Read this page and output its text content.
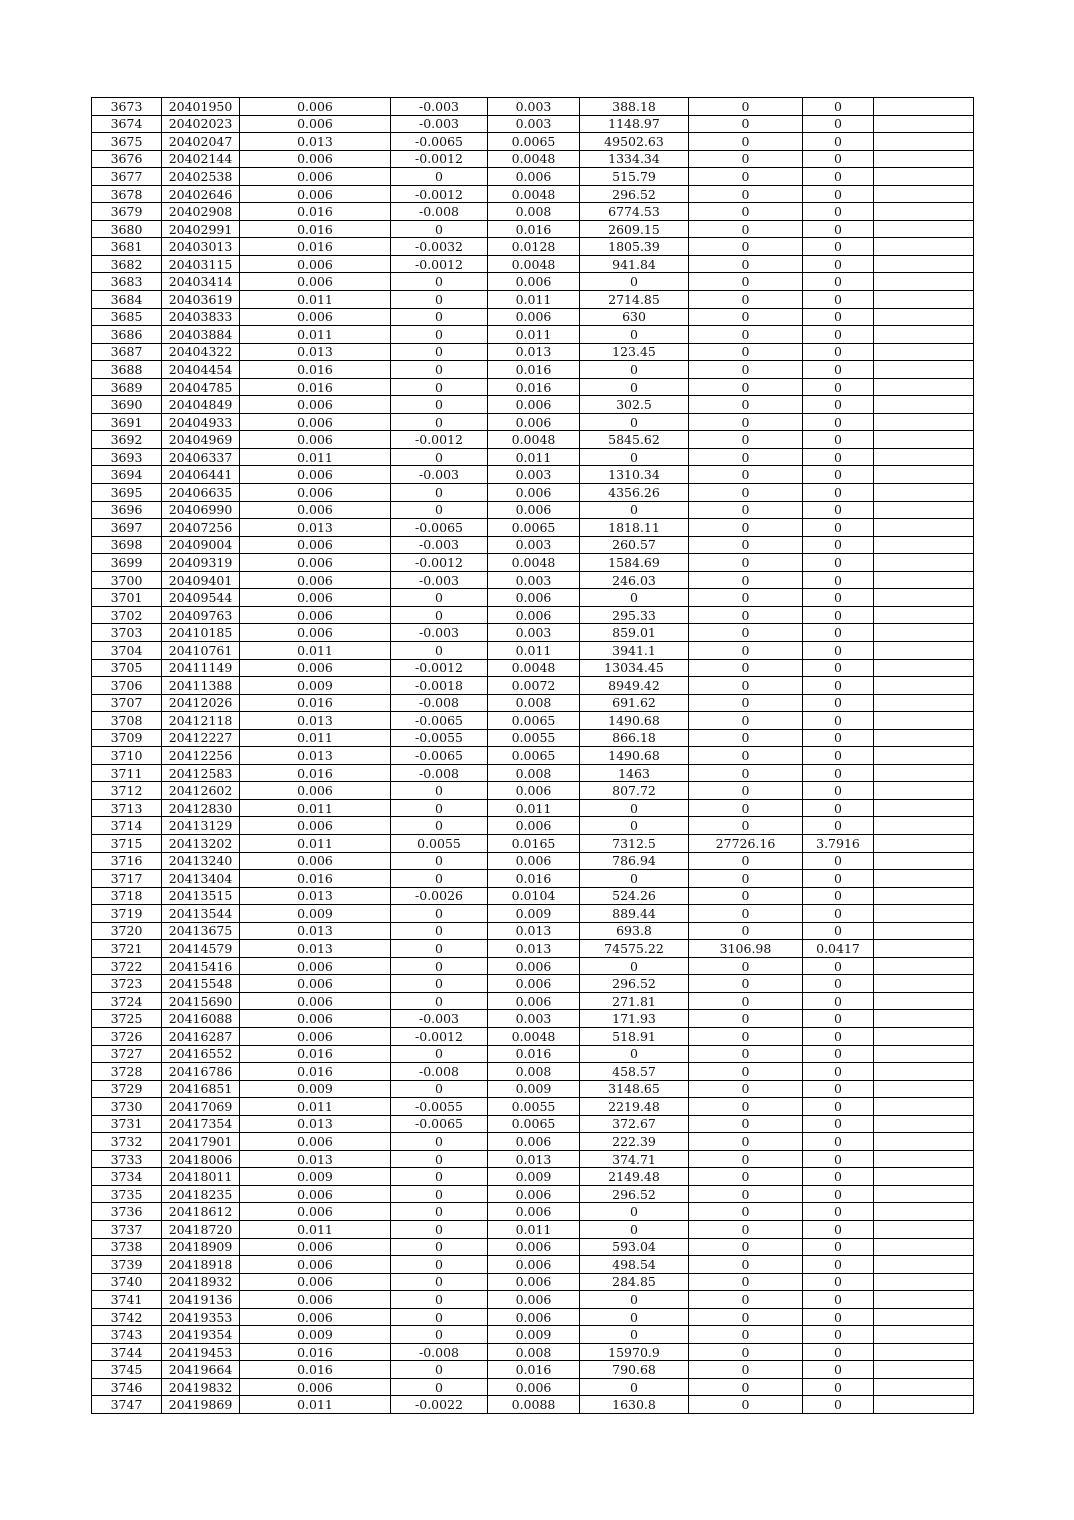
3673	20401950	0.006	-0.003	0.003	388.18	0	0	
3674	20402023	0.006	-0.003	0.003	1148.97	0	0	
3675	20402047	0.013	-0.0065	0.0065	49502.63	0	0	
3676	20402144	0.006	-0.0012	0.0048	1334.34	0	0	
3677	20402538	0.006	0	0.006	515.79	0	0	
3678	20402646	0.006	-0.0012	0.0048	296.52	0	0	
3679	20402908	0.016	-0.008	0.008	6774.53	0	0	
3680	20402991	0.016	0	0.016	2609.15	0	0	
3681	20403013	0.016	-0.0032	0.0128	1805.39	0	0	
3682	20403115	0.006	-0.0012	0.0048	941.84	0	0	
3683	20403414	0.006	0	0.006	0	0	0	
3684	20403619	0.011	0	0.011	2714.85	0	0	
3685	20403833	0.006	0	0.006	630	0	0	
3686	20403884	0.011	0	0.011	0	0	0	
3687	20404322	0.013	0	0.013	123.45	0	0	
3688	20404454	0.016	0	0.016	0	0	0	
3689	20404785	0.016	0	0.016	0	0	0	
3690	20404849	0.006	0	0.006	302.5	0	0	
3691	20404933	0.006	0	0.006	0	0	0	
3692	20404969	0.006	-0.0012	0.0048	5845.62	0	0	
3693	20406337	0.011	0	0.011	0	0	0	
3694	20406441	0.006	-0.003	0.003	1310.34	0	0	
3695	20406635	0.006	0	0.006	4356.26	0	0	
3696	20406990	0.006	0	0.006	0	0	0	
3697	20407256	0.013	-0.0065	0.0065	1818.11	0	0	
3698	20409004	0.006	-0.003	0.003	260.57	0	0	
3699	20409319	0.006	-0.0012	0.0048	1584.69	0	0	
3700	20409401	0.006	-0.003	0.003	246.03	0	0	
3701	20409544	0.006	0	0.006	0	0	0	
3702	20409763	0.006	0	0.006	295.33	0	0	
3703	20410185	0.006	-0.003	0.003	859.01	0	0	
3704	20410761	0.011	0	0.011	3941.1	0	0	
3705	20411149	0.006	-0.0012	0.0048	13034.45	0	0	
3706	20411388	0.009	-0.0018	0.0072	8949.42	0	0	
3707	20412026	0.016	-0.008	0.008	691.62	0	0	
3708	20412118	0.013	-0.0065	0.0065	1490.68	0	0	
3709	20412227	0.011	-0.0055	0.0055	866.18	0	0	
3710	20412256	0.013	-0.0065	0.0065	1490.68	0	0	
3711	20412583	0.016	-0.008	0.008	1463	0	0	
3712	20412602	0.006	0	0.006	807.72	0	0	
3713	20412830	0.011	0	0.011	0	0	0	
3714	20413129	0.006	0	0.006	0	0	0	
3715	20413202	0.011	0.0055	0.0165	7312.5	27726.16	3.7916	
3716	20413240	0.006	0	0.006	786.94	0	0	
3717	20413404	0.016	0	0.016	0	0	0	
3718	20413515	0.013	-0.0026	0.0104	524.26	0	0	
3719	20413544	0.009	0	0.009	889.44	0	0	
3720	20413675	0.013	0	0.013	693.8	0	0	
3721	20414579	0.013	0	0.013	74575.22	3106.98	0.0417	
3722	20415416	0.006	0	0.006	0	0	0	
3723	20415548	0.006	0	0.006	296.52	0	0	
3724	20415690	0.006	0	0.006	271.81	0	0	
3725	20416088	0.006	-0.003	0.003	171.93	0	0	
3726	20416287	0.006	-0.0012	0.0048	518.91	0	0	
3727	20416552	0.016	0	0.016	0	0	0	
3728	20416786	0.016	-0.008	0.008	458.57	0	0	
3729	20416851	0.009	0	0.009	3148.65	0	0	
3730	20417069	0.011	-0.0055	0.0055	2219.48	0	0	
3731	20417354	0.013	-0.0065	0.0065	372.67	0	0	
3732	20417901	0.006	0	0.006	222.39	0	0	
3733	20418006	0.013	0	0.013	374.71	0	0	
3734	20418011	0.009	0	0.009	2149.48	0	0	
3735	20418235	0.006	0	0.006	296.52	0	0	
3736	20418612	0.006	0	0.006	0	0	0	
3737	20418720	0.011	0	0.011	0	0	0	
3738	20418909	0.006	0	0.006	593.04	0	0	
3739	20418918	0.006	0	0.006	498.54	0	0	
3740	20418932	0.006	0	0.006	284.85	0	0	
3741	20419136	0.006	0	0.006	0	0	0	
3742	20419353	0.006	0	0.006	0	0	0	
3743	20419354	0.009	0	0.009	0	0	0	
3744	20419453	0.016	-0.008	0.008	15970.9	0	0	
3745	20419664	0.016	0	0.016	790.68	0	0	
3746	20419832	0.006	0	0.006	0	0	0	
3747	20419869	0.011	-0.0022	0.0088	1630.8	0	0	
